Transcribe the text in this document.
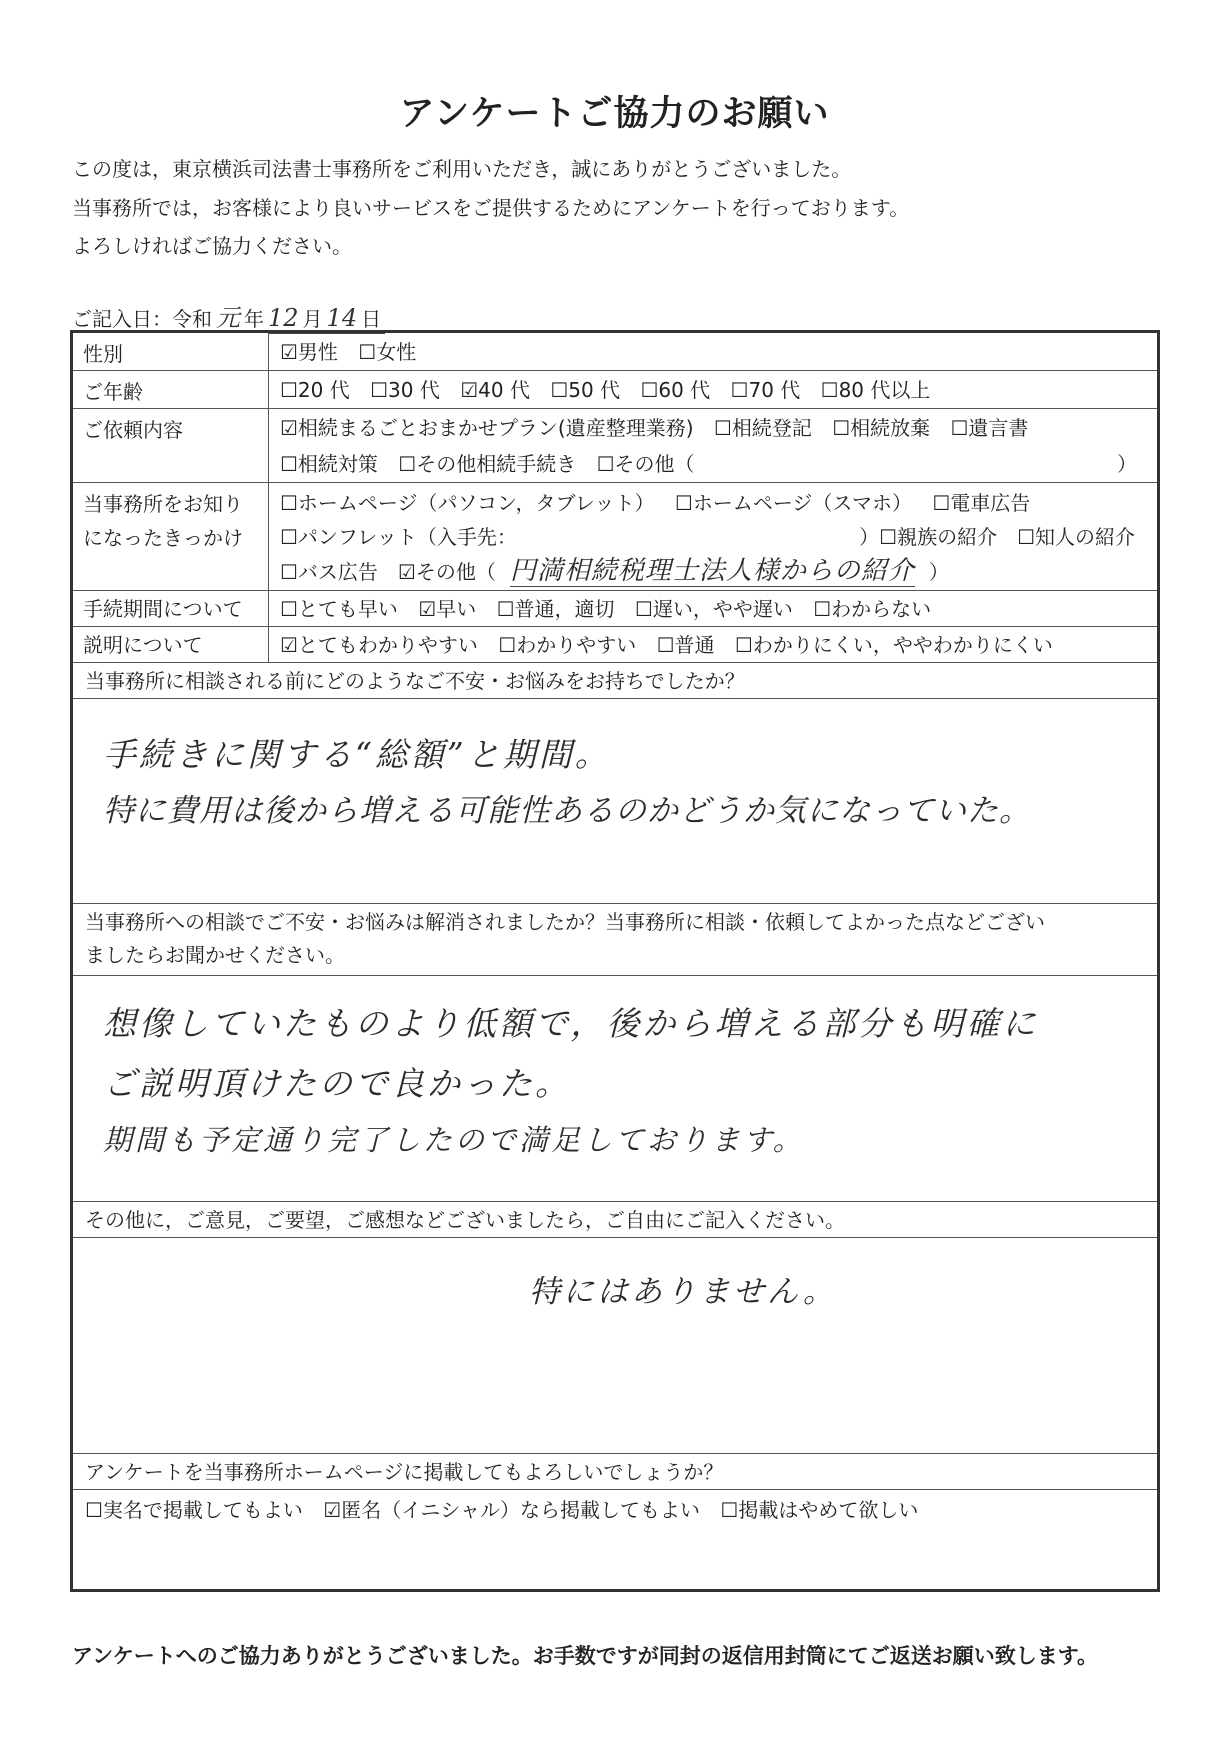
アンケートご協力のお願い
この度は，東京横浜司法書士事務所をご利用いただき，誠にありがとうございました。
当事務所では，お客様により良いサービスをご提供するためにアンケートを行っております。
よろしければご協力ください。
ご記入日：令和 元 年 12 月 14 日
性別	☑男性 ☐女性
ご年齢	☐20 代 ☐30 代 ☑40 代 ☐50 代 ☐60 代 ☐70 代 ☐80 代以上
ご依頼内容	☑相続まるごとおまかせプラン(遺産整理業務) ☐相続登記 ☐相続放棄 ☐遺言書
☐相続対策 ☐その他相続手続き ☐その他（	）
当事務所をお知り
になったきっかけ
☐ホームページ（パソコン，タブレット） ☐ホームページ（スマホ） ☐電車広告
☐パンフレット（入手先：	）☐親族の紹介　☐知人の紹介
☐バス広告　☑その他（ 円満相続税理士法人様からの紹介 ）
手続期間について	☐とても早い ☑早い ☐普通，適切 ☐遅い，やや遅い ☐わからない
説明について	☑とてもわかりやすい ☐わかりやすい ☐普通 ☐わかりにくい，ややわかりにくい
当事務所に相談される前にどのようなご不安・お悩みをお持ちでしたか？
手続きに関する“総額”と期間。
特に費用は後から増える可能性あるのかどうか気になっていた。
当事務所への相談でご不安・お悩みは解消されましたか？当事務所に相談・依頼してよかった点などござい
ましたらお聞かせください。
想像していたものより低額で，後から増える部分も明確に
ご説明頂けたので良かった。
期間も予定通り完了したので満足しております。
その他に，ご意見，ご要望，ご感想などございましたら，ご自由にご記入ください。
特にはありません。
アンケートを当事務所ホームページに掲載してもよろしいでしょうか？
☐実名で掲載してもよい ☑匿名（イニシャル）なら掲載してもよい ☐掲載はやめて欲しい
アンケートへのご協力ありがとうございました。お手数ですが同封の返信用封筒にてご返送お願い致します。
